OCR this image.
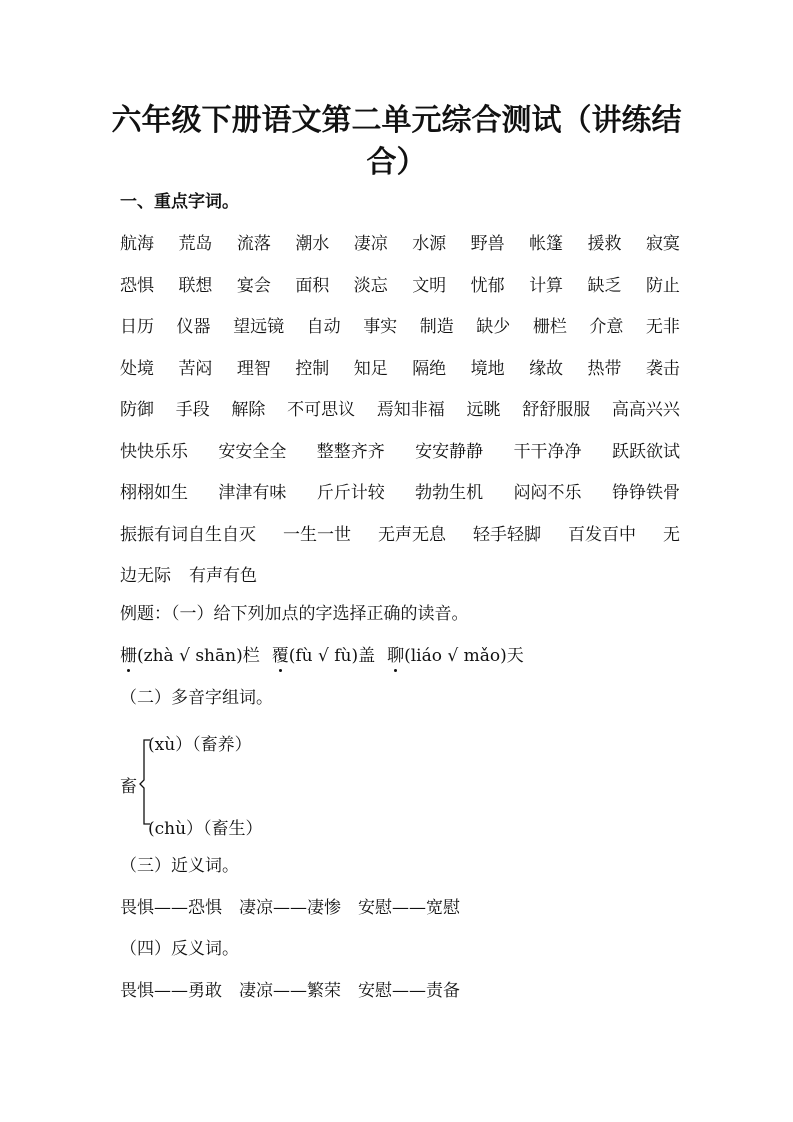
六年级下册语文第二单元综合测试（讲练结合）
一、重点字词。
航海 荒岛 流落 潮水 凄凉 水源 野兽 帐篷 援救 寂寞
恐惧 联想 宴会 面积 淡忘 文明 忧郁 计算 缺乏 防止
日历 仪器 望远镜 自动 事实 制造 缺少 栅栏 介意 无非
处境 苦闷 理智 控制 知足 隔绝 境地 缘故 热带 袭击
防御 手段 解除 不可思议 焉知非福 远眺 舒舒服服 高高兴兴
快快乐乐 安安全全 整整齐齐 安安静静 干干净净 跃跃欲试
栩栩如生 津津有味 斤斤计较 勃勃生机 闷闷不乐 铮铮铁骨
振振有词自生自灭 一生一世 无声无息 轻手轻脚 百发百中 无
边无际 有声有色
例题：（一）给下列加点的字选择正确的读音。
栅(zhà √ shān)栏 覆(fù √ fù)盖 聊(liáo √ mǎo)天
（二）多音字组词。
畜
(xù）（畜养）
(chù）（畜生）
（三）近义词。
畏惧——恐惧　凄凉——凄惨　安慰——宽慰
（四）反义词。
畏惧——勇敢　凄凉——繁荣　安慰——责备
